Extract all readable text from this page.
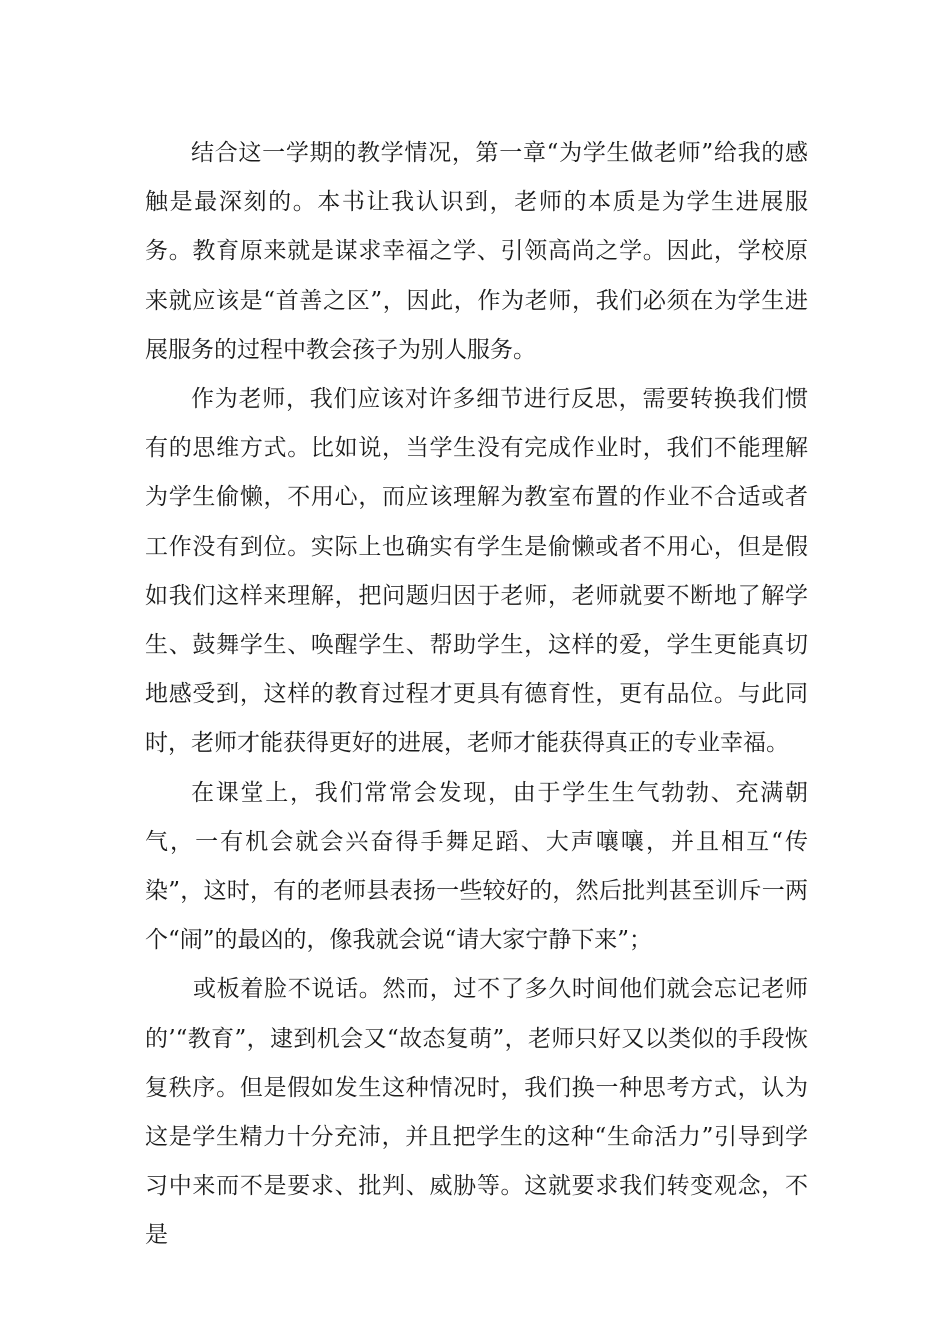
结合这一学期的教学情况，第一章“为学生做老师”给我的感触是最深刻的。本书让我认识到，老师的本质是为学生进展服务。教育原来就是谋求幸福之学、引领高尚之学。因此，学校原来就应该是“首善之区”，因此，作为老师，我们必须在为学生进展服务的过程中教会孩子为别人服务。

作为老师，我们应该对许多细节进行反思，需要转换我们惯有的思维方式。比如说，当学生没有完成作业时，我们不能理解为学生偷懒，不用心，而应该理解为教室布置的作业不合适或者工作没有到位。实际上也确实有学生是偷懒或者不用心，但是假如我们这样来理解，把问题归因于老师，老师就要不断地了解学生、鼓舞学生、唤醒学生、帮助学生，这样的爱，学生更能真切地感受到，这样的教育过程才更具有德育性，更有品位。与此同时，老师才能获得更好的进展，老师才能获得真正的专业幸福。

在课堂上，我们常常会发现，由于学生生气勃勃、充满朝气，一有机会就会兴奋得手舞足蹈、大声嚷嚷，并且相互“传染”，这时，有的老师县表扬一些较好的，然后批判甚至训斥一两个“闹”的最凶的，像我就会说“请大家宁静下来”；

或板着脸不说话。然而，过不了多久时间他们就会忘记老师的’“教育”，逮到机会又“故态复萌”，老师只好又以类似的手段恢复秩序。但是假如发生这种情况时，我们换一种思考方式，认为这是学生精力十分充沛，并且把学生的这种“生命活力”引导到学习中来而不是要求、批判、威胁等。这就要求我们转变观念，不是
